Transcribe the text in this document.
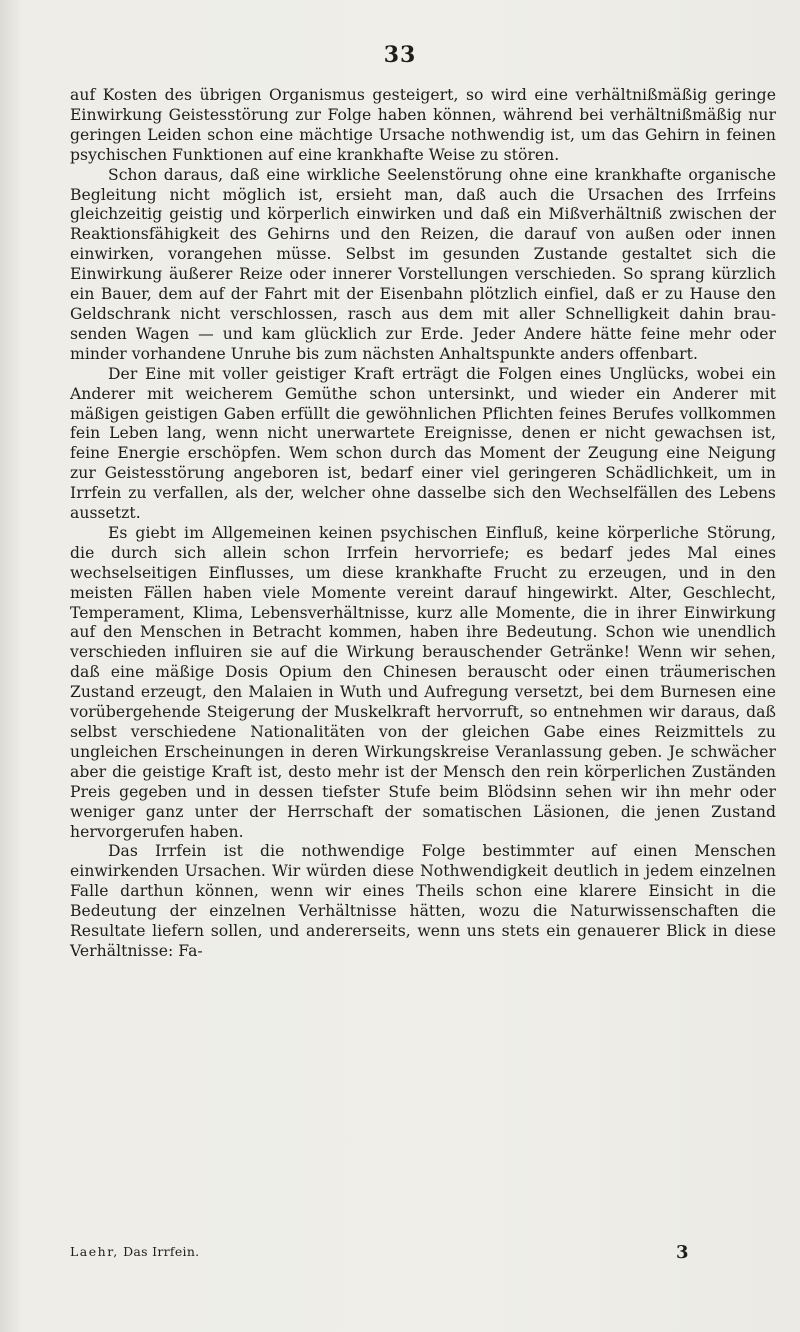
33

auf Kosten des übrigen Organismus gesteigert, so wird eine verhältnißmäßig geringe Einwirkung Geistesstörung zur Folge haben können, während bei verhältnißmäßig nur geringen Leiden schon eine mächtige Ursache nothwendig ist, um das Gehirn in feinen psychischen Funktionen auf eine krankhafte Weise zu stören.

Schon daraus, daß eine wirkliche Seelenstörung ohne eine krankhafte organische Begleitung nicht möglich ist, ersieht man, daß auch die Ursachen des Irrfeins gleichzeitig geistig und körperlich einwirken und daß ein Mißverhältniß zwischen der Reaktionsfähigkeit des Gehirns und den Reizen, die darauf von außen oder innen einwirken, vorangehen müsse. Selbst im gesunden Zustande gestaltet sich die Einwirkung äußerer Reize oder innerer Vorstellungen verschieden. So sprang kürzlich ein Bauer, dem auf der Fahrt mit der Eisenbahn plötzlich einfiel, daß er zu Hause den Geldschrank nicht verschlossen, rasch aus dem mit aller Schnelligkeit dahin brausenden Wagen — und kam glücklich zur Erde. Jeder Andere hätte feine mehr oder minder vorhandene Unruhe bis zum nächsten Anhaltspunkte anders offenbart.

Der Eine mit voller geistiger Kraft erträgt die Folgen eines Unglücks, wobei ein Anderer mit weicherem Gemüthe schon untersinkt, und wieder ein Anderer mit mäßigen geistigen Gaben erfüllt die gewöhnlichen Pflichten feines Berufes vollkommen fein Leben lang, wenn nicht unerwartete Ereignisse, denen er nicht gewachsen ist, feine Energie erschöpfen. Wem schon durch das Moment der Zeugung eine Neigung zur Geistesstörung angeboren ist, bedarf einer viel geringeren Schädlichkeit, um in Irrfein zu verfallen, als der, welcher ohne dasselbe sich den Wechselfällen des Lebens aussetzt.

Es giebt im Allgemeinen keinen psychischen Einfluß, keine körperliche Störung, die durch sich allein schon Irrfein hervorriefe; es bedarf jedes Mal eines wechselseitigen Einflusses, um diese krankhafte Frucht zu erzeugen, und in den meisten Fällen haben viele Momente vereint darauf hingewirkt. Alter, Geschlecht, Temperament, Klima, Lebensverhältnisse, kurz alle Momente, die in ihrer Einwirkung auf den Menschen in Betracht kommen, haben ihre Bedeutung. Schon wie unendlich verschieden influiren sie auf die Wirkung berauschender Getränke! Wenn wir sehen, daß eine mäßige Dosis Opium den Chinesen berauscht oder einen träumerischen Zustand erzeugt, den Malaien in Wuth und Aufregung versetzt, bei dem Burnesen eine vorübergehende Steigerung der Muskelkraft hervorruft, so entnehmen wir daraus, daß selbst verschiedene Nationalitäten von der gleichen Gabe eines Reizmittels zu ungleichen Erscheinungen in deren Wirkungskreise Veranlassung geben. Je schwächer aber die geistige Kraft ist, desto mehr ist der Mensch den rein körperlichen Zuständen Preis gegeben und in dessen tiefster Stufe beim Blödsinn sehen wir ihn mehr oder weniger ganz unter der Herrschaft der somatischen Läsionen, die jenen Zustand hervorgerufen haben.

Das Irrfein ist die nothwendige Folge bestimmter auf einen Menschen einwirkenden Ursachen. Wir würden diese Nothwendigkeit deutlich in jedem einzelnen Falle darthun können, wenn wir eines Theils schon eine klarere Einsicht in die Bedeutung der einzelnen Verhältnisse hätten, wozu die Naturwissenschaften die Resultate liefern sollen, und andererseits, wenn uns stets ein genauerer Blick in diese Verhältnisse: Fa-

Laehr, Das Irrfein.	3
